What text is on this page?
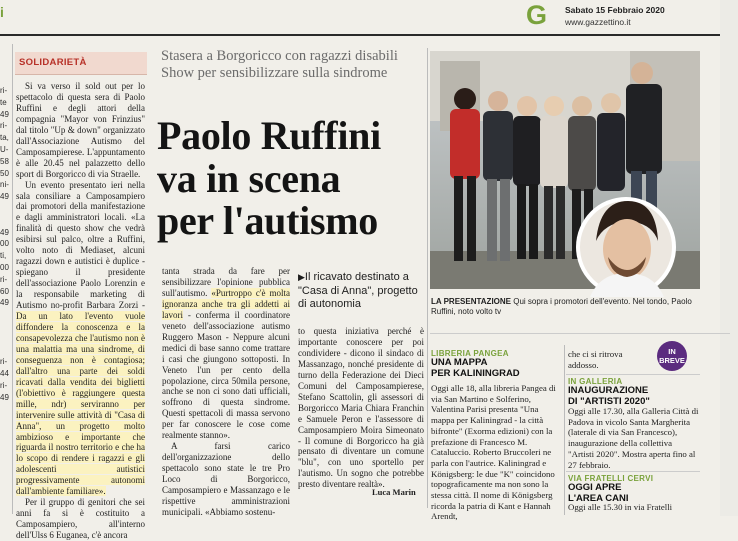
i	G Sabato 15 Febbraio 2020
www.gazzettino.it
ri-
te
49
ri-
ta,
U-
58
50
ni-
49

49
00
ti,
00
ri-
60
49

ri-
44
ri-
49
SOLIDARIETÀ

Si va verso il sold out per lo spettacolo di questa sera di Paolo Ruffini e degli attori della compagnia "Mayor von Frinzius" dal titolo "Up & down" organizzato dall'Associazione Autismo del Camposampierese. L'appuntamento è alle 20.45 nel palazzetto dello sport di Borgoricco di via Straelle.

Un evento presentato ieri nella sala consiliare a Camposampiero dai promotori della manifestazione e dagli amministratori locali. «La finalità di questo show che vedrà esibirsi sul palco, oltre a Ruffini, volto noto di Mediaset, alcuni ragazzi down e autistici è duplice - spiegano il presidente dell'associazione Paolo Lorenzin e la responsabile marketing di Autismo no-profit Barbara Zorzi - Da un lato l'evento vuole diffondere la conoscenza e la consapevolezza che l'autismo non è una malattia ma una sindrome, di conseguenza non è contagiosa; dall'altro una parte dei soldi ricavati dalla vendita dei biglietti (l'obiettivo è raggiungere questa mille, ndr) serviranno per intervenire sulle attività di "Casa di Anna", un progetto molto ambizioso e importante che riguarda il nostro territorio e che ha lo scopo di rendere i ragazzi e gli adolescenti autistici progressivamente autonomi dall'ambiente familiare».

Per il gruppo di genitori che sei anni fa si è costituito a Camposampiero, all'interno dell'Ulss 6 Euganea, c'è ancora

Stasera a Borgoricco con ragazzi disabili
Show per sensibilizzare sulla sindrome
Paolo Ruffini
va in scena
per l'autismo

tanta strada da fare per sensibilizzare l'opinione pubblica sull'autismo. «Purtroppo c'è molta ignoranza anche tra gli addetti ai lavori - conferma il coordinatore veneto dell'associazione autismo Ruggero Mason - Neppure alcuni medici di base sanno come trattare i casi che giungono sottoposti. In Veneto l'un per cento della popolazione, circa 50mila persone, anche se non ci sono dati ufficiali, soffrono di questa sindrome. Questi spettacoli di massa servono per far conoscere le cose come realmente stanno».

A farsi carico dell'organizzazione dello spettacolo sono state le tre Pro Loco di Borgoricco, Camposampiero e Massanzago e le rispettive amministrazioni municipali. «Abbiamo sostenu-

▶Il ricavato destinato a "Casa di Anna", progetto di autonomia

to questa iniziativa perché è importante conoscere per poi condividere - dicono il sindaco di Massanzago, nonché presidente di turno della Federazione dei Dieci Comuni del Camposampierese, Stefano Scattolin, gli assessori di Borgoricco Maria Chiara Franchin e Samuele Peron e l'assessore di Camposampiero Moira Simeonato - Il comune di Borgoricco ha già pensato di diventare un comune "blu", con uno sportello per l'autismo. Un sogno che potrebbe presto diventare realtà».

Luca Marin
LA PRESENTAZIONE Qui sopra i promotori dell'evento. Nel tondo, Paolo Ruffini, noto volto tv
IN
BREVE
LIBRERIA PANGEA
UNA MAPPA
PER KALININGRAD
Oggi alle 18, alla libreria Pangea di via San Martino e Solferino, Valentina Parisi presenta "Una mappa per Kaliningrad - la città bifronte" (Exorma edizioni) con la prefazione di Francesco M. Cataluccio. Roberto Bruccoleri ne parla con l'autrice. Kaliningrad e Königsberg: le due "K" coincidono topograficamente ma non sono la stessa città. Il nome di Königsberg ricorda la patria di Kant e Hannah Arendt,
che ci si ritrova addosso.
IN GALLERIA
INAUGURAZIONE
DI "ARTISTI 2020"
Oggi alle 17.30, alla Galleria Città di Padova in vicolo Santa Margherita (laterale di via San Francesco), inaugurazione della collettiva "Artisti 2020". Mostra aperta fino al 27 febbraio.
VIA FRATELLI CERVI
OGGI APRE
L'AREA CANI
Oggi alle 15.30 in via Fratelli
